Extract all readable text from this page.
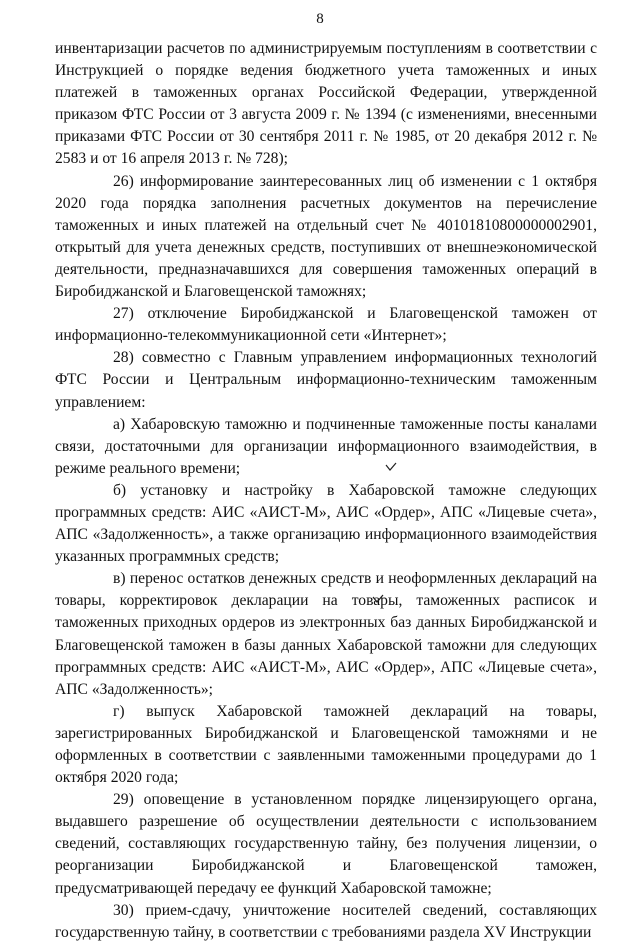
8

инвентаризации расчетов по администрируемым поступлениям в соответствии с Инструкцией о порядке ведения бюджетного учета таможенных и иных платежей в таможенных органах Российской Федерации, утвержденной приказом ФТС России от 3 августа 2009 г. № 1394 (с изменениями, внесенными приказами ФТС России от 30 сентября 2011 г. № 1985, от 20 декабря 2012 г. № 2583 и от 16 апреля 2013 г. № 728);

26) информирование заинтересованных лиц об изменении с 1 октября 2020 года порядка заполнения расчетных документов на перечисление таможенных и иных платежей на отдельный счет № 40101810800000002901, открытый для учета денежных средств, поступивших от внешнеэкономической деятельности, предназначавшихся для совершения таможенных операций в Биробиджанской и Благовещенской таможнях;

27) отключение Биробиджанской и Благовещенской таможен от информационно-телекоммуникационной сети «Интернет»;

28) совместно с Главным управлением информационных технологий ФТС России и Центральным информационно-техническим таможенным управлением:

а) Хабаровскую таможню и подчиненные таможенные посты каналами связи, достаточными для организации информационного взаимодействия, в режиме реального времени;

б) установку и настройку в Хабаровской таможне следующих программных средств: АИС «АИСТ-М», АИС «Ордер», АПС «Лицевые счета», АПС «Задолженность», а также организацию информационного взаимодействия указанных программных средств;

в) перенос остатков денежных средств и неоформленных деклараций на товары, корректировок декларации на товары, таможенных расписок и таможенных приходных ордеров из электронных баз данных Биробиджанской и Благовещенской таможен в базы данных Хабаровской таможни для следующих программных средств: АИС «АИСТ-М», АИС «Ордер», АПС «Лицевые счета», АПС «Задолженность»;

г) выпуск Хабаровской таможней деклараций на товары, зарегистрированных Биробиджанской и Благовещенской таможнями и не оформленных в соответствии с заявленными таможенными процедурами до 1 октября 2020 года;

29) оповещение в установленном порядке лицензирующего органа, выдавшего разрешение об осуществлении деятельности с использованием сведений, составляющих государственную тайну, без получения лицензии, о реорганизации Биробиджанской и Благовещенской таможен, предусматривающей передачу ее функций Хабаровской таможне;

30) прием-сдачу, уничтожение носителей сведений, составляющих государственную тайну, в соответствии с требованиями раздела XV Инструкции
